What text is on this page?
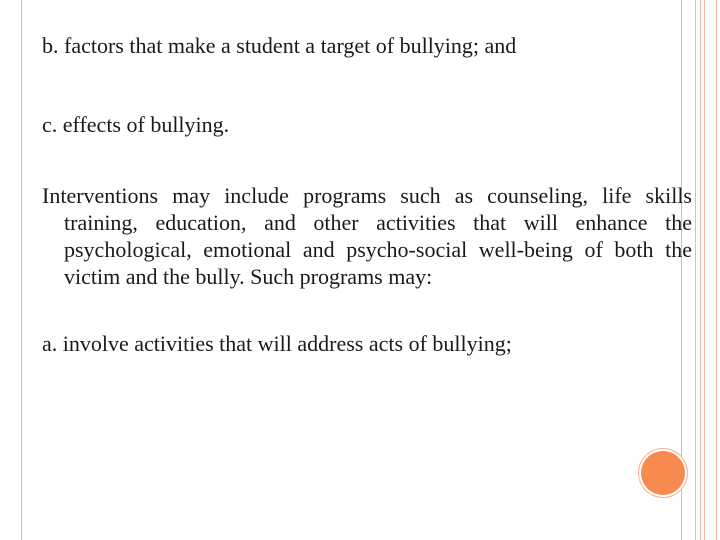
b. factors that make a student a target of bullying; and

c. effects of bullying.

Interventions may include programs such as counseling, life skills training, education, and other activities that will enhance the psychological, emotional and psycho-social well-being of both the victim and the bully. Such programs may:

a. involve activities that will address acts of bullying;
